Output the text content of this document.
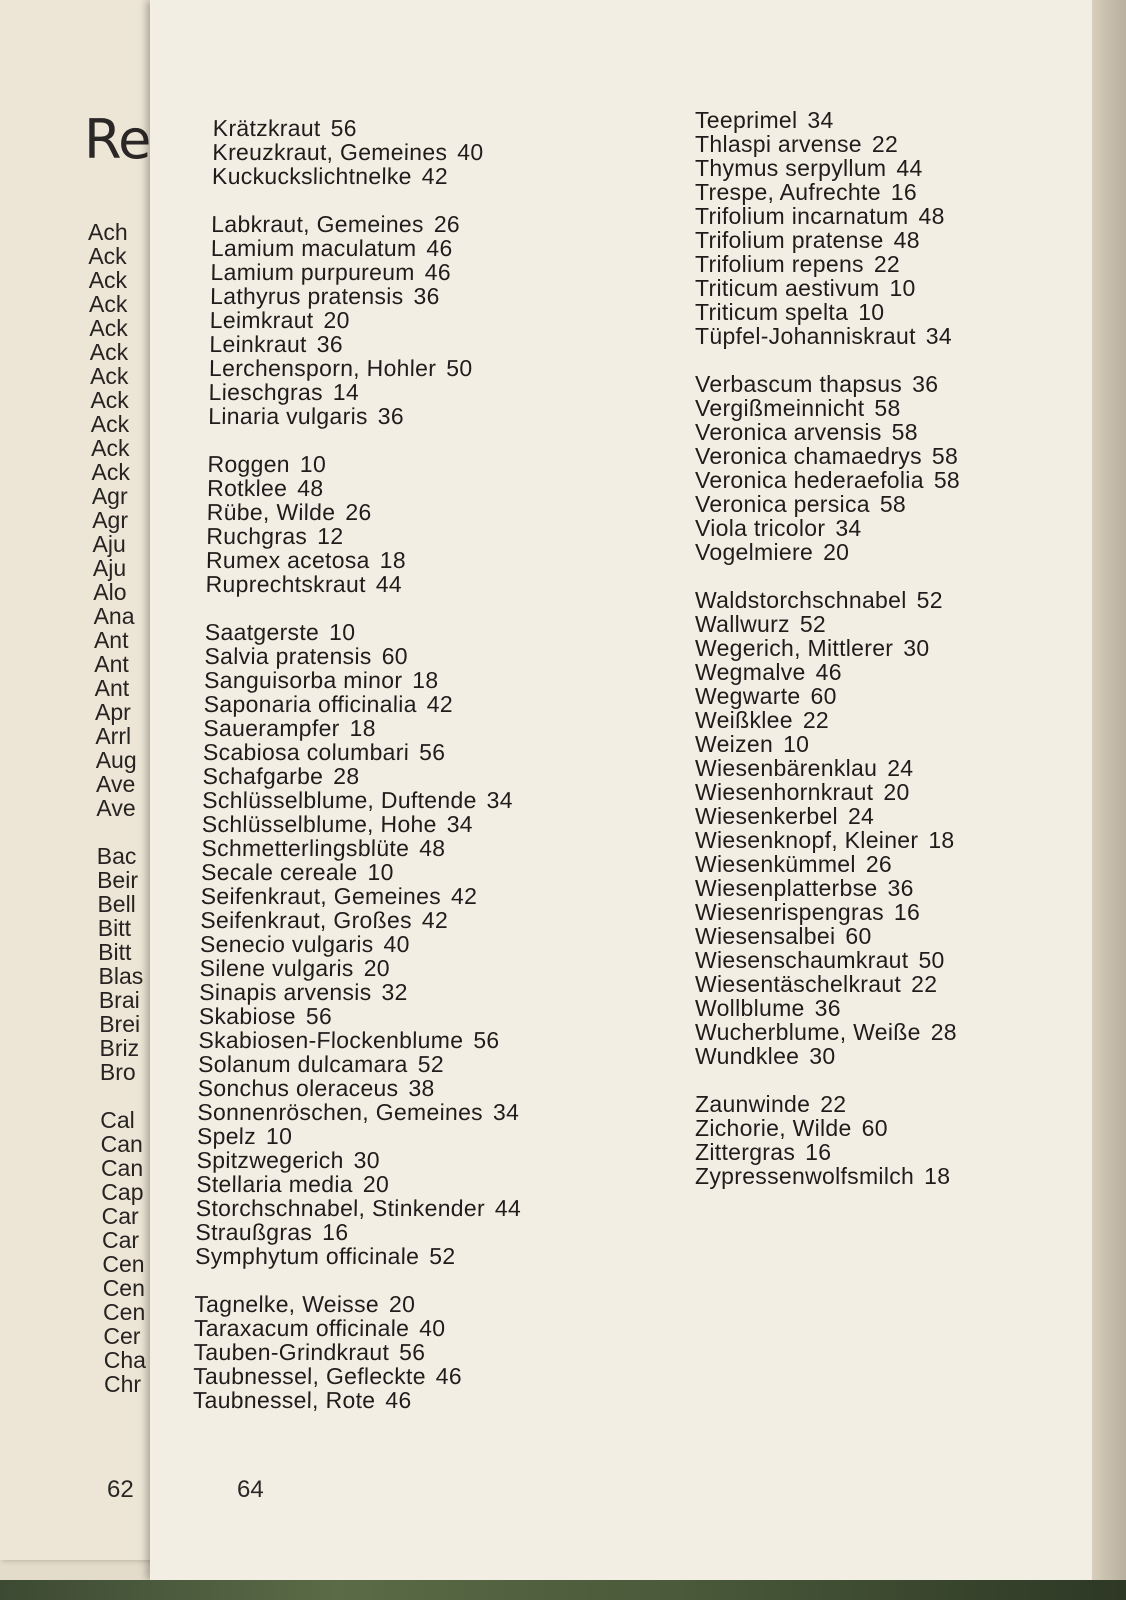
Re
Ach
Ack
Ack
Ack
Ack
Ack
Ack
Ack
Ack
Ack
Ack
Agr
Agr
Aju
Aju
Alo
Ana
Ant
Ant
Ant
Apr
Arrl
Aug
Ave
Ave
Bac
Beir
Bell
Bitt
Bitt
Blas
Brai
Brei
Briz
Bro
Cal
Can
Can
Cap
Car
Car
Cen
Cen
Cen
Cer
Cha
Chr
62
Krätzkraut 56
Kreuzkraut, Gemeines 40
Kuckuckslichtnelke 42
Labkraut, Gemeines 26
Lamium maculatum 46
Lamium purpureum 46
Lathyrus pratensis 36
Leimkraut 20
Leinkraut 36
Lerchensporn, Hohler 50
Lieschgras 14
Linaria vulgaris 36
Roggen 10
Rotklee 48
Rübe, Wilde 26
Ruchgras 12
Rumex acetosa 18
Ruprechtskraut 44
Saatgerste 10
Salvia pratensis 60
Sanguisorba minor 18
Saponaria officinalia 42
Sauerampfer 18
Scabiosa columbari 56
Schafgarbe 28
Schlüsselblume, Duftende 34
Schlüsselblume, Hohe 34
Schmetterlingsblüte 48
Secale cereale 10
Seifenkraut, Gemeines 42
Seifenkraut, Großes 42
Senecio vulgaris 40
Silene vulgaris 20
Sinapis arvensis 32
Skabiose 56
Skabiosen-Flockenblume 56
Solanum dulcamara 52
Sonchus oleraceus 38
Sonnenröschen, Gemeines 34
Spelz 10
Spitzwegerich 30
Stellaria media 20
Storchschnabel, Stinkender 44
Straußgras 16
Symphytum officinale 52
Tagnelke, Weisse 20
Taraxacum officinale 40
Tauben-Grindkraut 56
Taubnessel, Gefleckte 46
Taubnessel, Rote 46
Teeprimel 34
Thlaspi arvense 22
Thymus serpyllum 44
Trespe, Aufrechte 16
Trifolium incarnatum 48
Trifolium pratense 48
Trifolium repens 22
Triticum aestivum 10
Triticum spelta 10
Tüpfel-Johanniskraut 34
Verbascum thapsus 36
Vergißmeinnicht 58
Veronica arvensis 58
Veronica chamaedrys 58
Veronica hederaefolia 58
Veronica persica 58
Viola tricolor 34
Vogelmiere 20
Waldstorchschnabel 52
Wallwurz 52
Wegerich, Mittlerer 30
Wegmalve 46
Wegwarte 60
Weißklee 22
Weizen 10
Wiesenbärenklau 24
Wiesenhornkraut 20
Wiesenkerbel 24
Wiesenknopf, Kleiner 18
Wiesenkümmel 26
Wiesenplatterbse 36
Wiesenrispengras 16
Wiesensalbei 60
Wiesenschaumkraut 50
Wiesentäschelkraut 22
Wollblume 36
Wucherblume, Weiße 28
Wundklee 30
Zaunwinde 22
Zichorie, Wilde 60
Zittergras 16
Zypressenwolfsmilch 18
64
